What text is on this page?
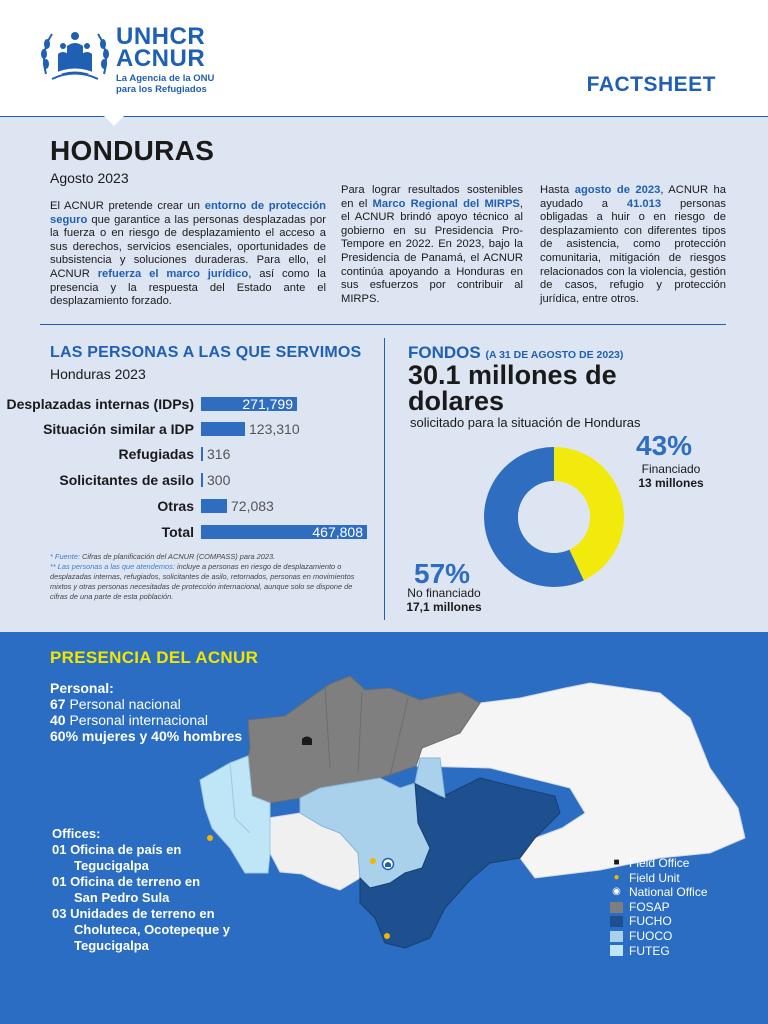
UNHCR
ACNUR
La Agencia de la ONU
para los Refugiados	FACTSHEET
HONDURAS
Agosto 2023
El ACNUR pretende crear un entorno de protección seguro que garantice a las personas desplazadas por la fuerza o en riesgo de desplazamiento el acceso a sus derechos, servicios esenciales, oportunidades de subsistencia y soluciones duraderas. Para ello, el ACNUR refuerza el marco jurídico, así como la presencia y la respuesta del Estado ante el desplazamiento forzado.
Para lograr resultados sostenibles en el Marco Regional del MIRPS, el ACNUR brindó apoyo técnico al gobierno en su Presidencia Pro-Tempore en 2022. En 2023, bajo la Presidencia de Panamá, el ACNUR continúa apoyando a Honduras en sus esfuerzos por contribuir al MIRPS.
Hasta agosto de 2023, ACNUR ha ayudado a 41.013 personas obligadas a huir o en riesgo de desplazamiento con diferentes tipos de asistencia, como protección comunitaria, mitigación de riesgos relacionados con la violencia, gestión de casos, refugio y protección jurídica, entre otros.
LAS PERSONAS A LAS QUE SERVIMOS
Honduras 2023
Desplazadas internas (IDPs)	271,799
Situación similar a IDP	123,310
Refugiadas 316
Solicitantes de asilo 300
Otras	72,083
Total	467,808
* Fuente: Cifras de planificación del ACNUR (COMPASS) para 2023.
** Las personas a las que atendemos: incluye a personas en riesgo de desplazamiento o desplazadas internas, refugiados, solicitantes de asilo, retornados, personas en movimientos mixtos y otras personas necesitadas de protección internacional, aunque solo se dispone de cifras de una parte de esta población.
FONDOS (A 31 DE AGOSTO DE 2023)
30.1 millones de dolares
solicitado para la situación de Honduras
43%
Financiado
13 millones
57%
No financiado
17,1 millones
PRESENCIA DEL ACNUR
Personal:
67 Personal nacional
40 Personal internacional
60% mujeres y 40% hombres
Offices:
01 Oficina de país en
Tegucigalpa
01 Oficina de terreno en
San Pedro Sula
03 Unidades de terreno en
Choluteca, Ocotepeque y
Tegucigalpa
■ Field Office
● Field Unit
◉ National Office
FOSAP
FUCHO
FUOCO
FUTEG
